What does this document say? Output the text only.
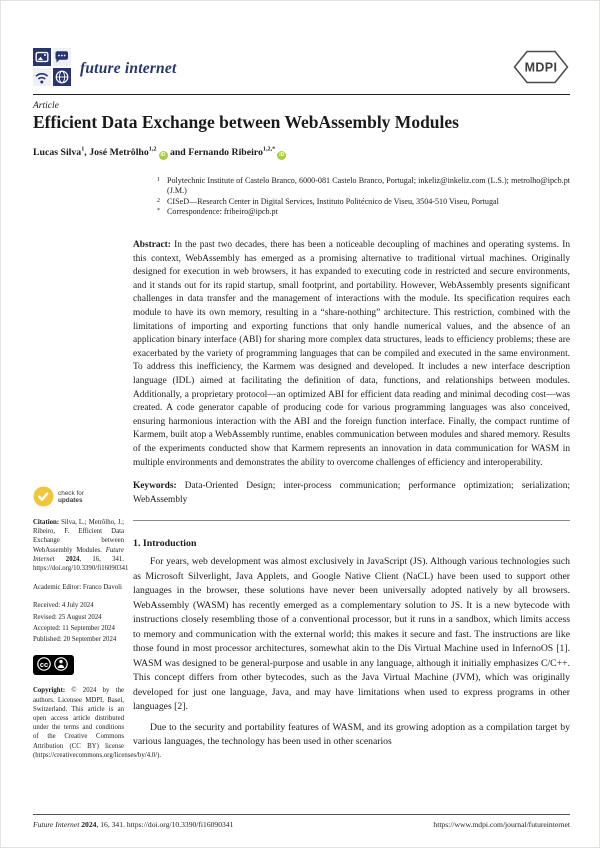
future internet	MDPI
Article
Efficient Data Exchange between WebAssembly Modules
Lucas Silva$^1$, José Metrôlho$^{1,2}$iD and Fernando Ribeiro$^{1,2,*}$iD
1 Polytechnic Institute of Castelo Branco, 6000-081 Castelo Branco, Portugal; inkeliz@inkeliz.com (L.S.); metrolho@ipcb.pt (J.M.)
2 CISeD—Research Center in Digital Services, Instituto Politécnico de Viseu, 3504-510 Viseu, Portugal
* Correspondence: fribeiro@ipcb.pt
check for
updates
Citation: Silva, L.; Metrôlho, J.; Ribeiro, F. Efficient Data Exchange between WebAssembly Modules. Future Internet 2024, 16, 341. https://doi.org/10.3390/fi16090341
Academic Editor: Franco Davoli
Received: 4 July 2024
Revised: 25 August 2024
Accepted: 11 September 2024
Published: 20 September 2024
cc
BY
Copyright: © 2024 by the authors. Licensee MDPI, Basel, Switzerland. This article is an open access article distributed under the terms and conditions of the Creative Commons Attribution (CC BY) license (https://creativecommons.org/licenses/by/4.0/).
Abstract: In the past two decades, there has been a noticeable decoupling of machines and operating systems. In this context, WebAssembly has emerged as a promising alternative to traditional virtual machines. Originally designed for execution in web browsers, it has expanded to executing code in restricted and secure environments, and it stands out for its rapid startup, small footprint, and portability. However, WebAssembly presents significant challenges in data transfer and the management of interactions with the module. Its specification requires each module to have its own memory, resulting in a “share-nothing” architecture. This restriction, combined with the limitations of importing and exporting functions that only handle numerical values, and the absence of an application binary interface (ABI) for sharing more complex data structures, leads to efficiency problems; these are exacerbated by the variety of programming languages that can be compiled and executed in the same environment. To address this inefficiency, the Karmem was designed and developed. It includes a new interface description language (IDL) aimed at facilitating the definition of data, functions, and relationships between modules. Additionally, a proprietary protocol—an optimized ABI for efficient data reading and minimal decoding cost—was created. A code generator capable of producing code for various programming languages was also conceived, ensuring harmonious interaction with the ABI and the foreign function interface. Finally, the compact runtime of Karmem, built atop a WebAssembly runtime, enables communication between modules and shared memory. Results of the experiments conducted show that Karmem represents an innovation in data communication for WASM in multiple environments and demonstrates the ability to overcome challenges of efficiency and interoperability.
Keywords: Data-Oriented Design; inter-process communication; performance optimization; serialization; WebAssembly
1. Introduction

For years, web development was almost exclusively in JavaScript (JS). Although various technologies such as Microsoft Silverlight, Java Applets, and Google Native Client (NaCL) have been used to support other languages in the browser, these solutions have never been universally adopted natively by all browsers. WebAssembly (WASM) has recently emerged as a complementary solution to JS. It is a new bytecode with instructions closely resembling those of a conventional processor, but it runs in a sandbox, which limits access to memory and communication with the external world; this makes it secure and fast. The instructions are like those found in most processor architectures, somewhat akin to the Dis Virtual Machine used in InfernoOS [1]. WASM was designed to be general-purpose and usable in any language, although it initially emphasizes C/C++. This concept differs from other bytecodes, such as the Java Virtual Machine (JVM), which was originally developed for just one language, Java, and may have limitations when used to express programs in other languages [2].

Due to the security and portability features of WASM, and its growing adoption as a compilation target by various languages, the technology has been used in other scenarios

Future Internet 2024, 16, 341. https://doi.org/10.3390/fi16090341	https://www.mdpi.com/journal/futureinternet
